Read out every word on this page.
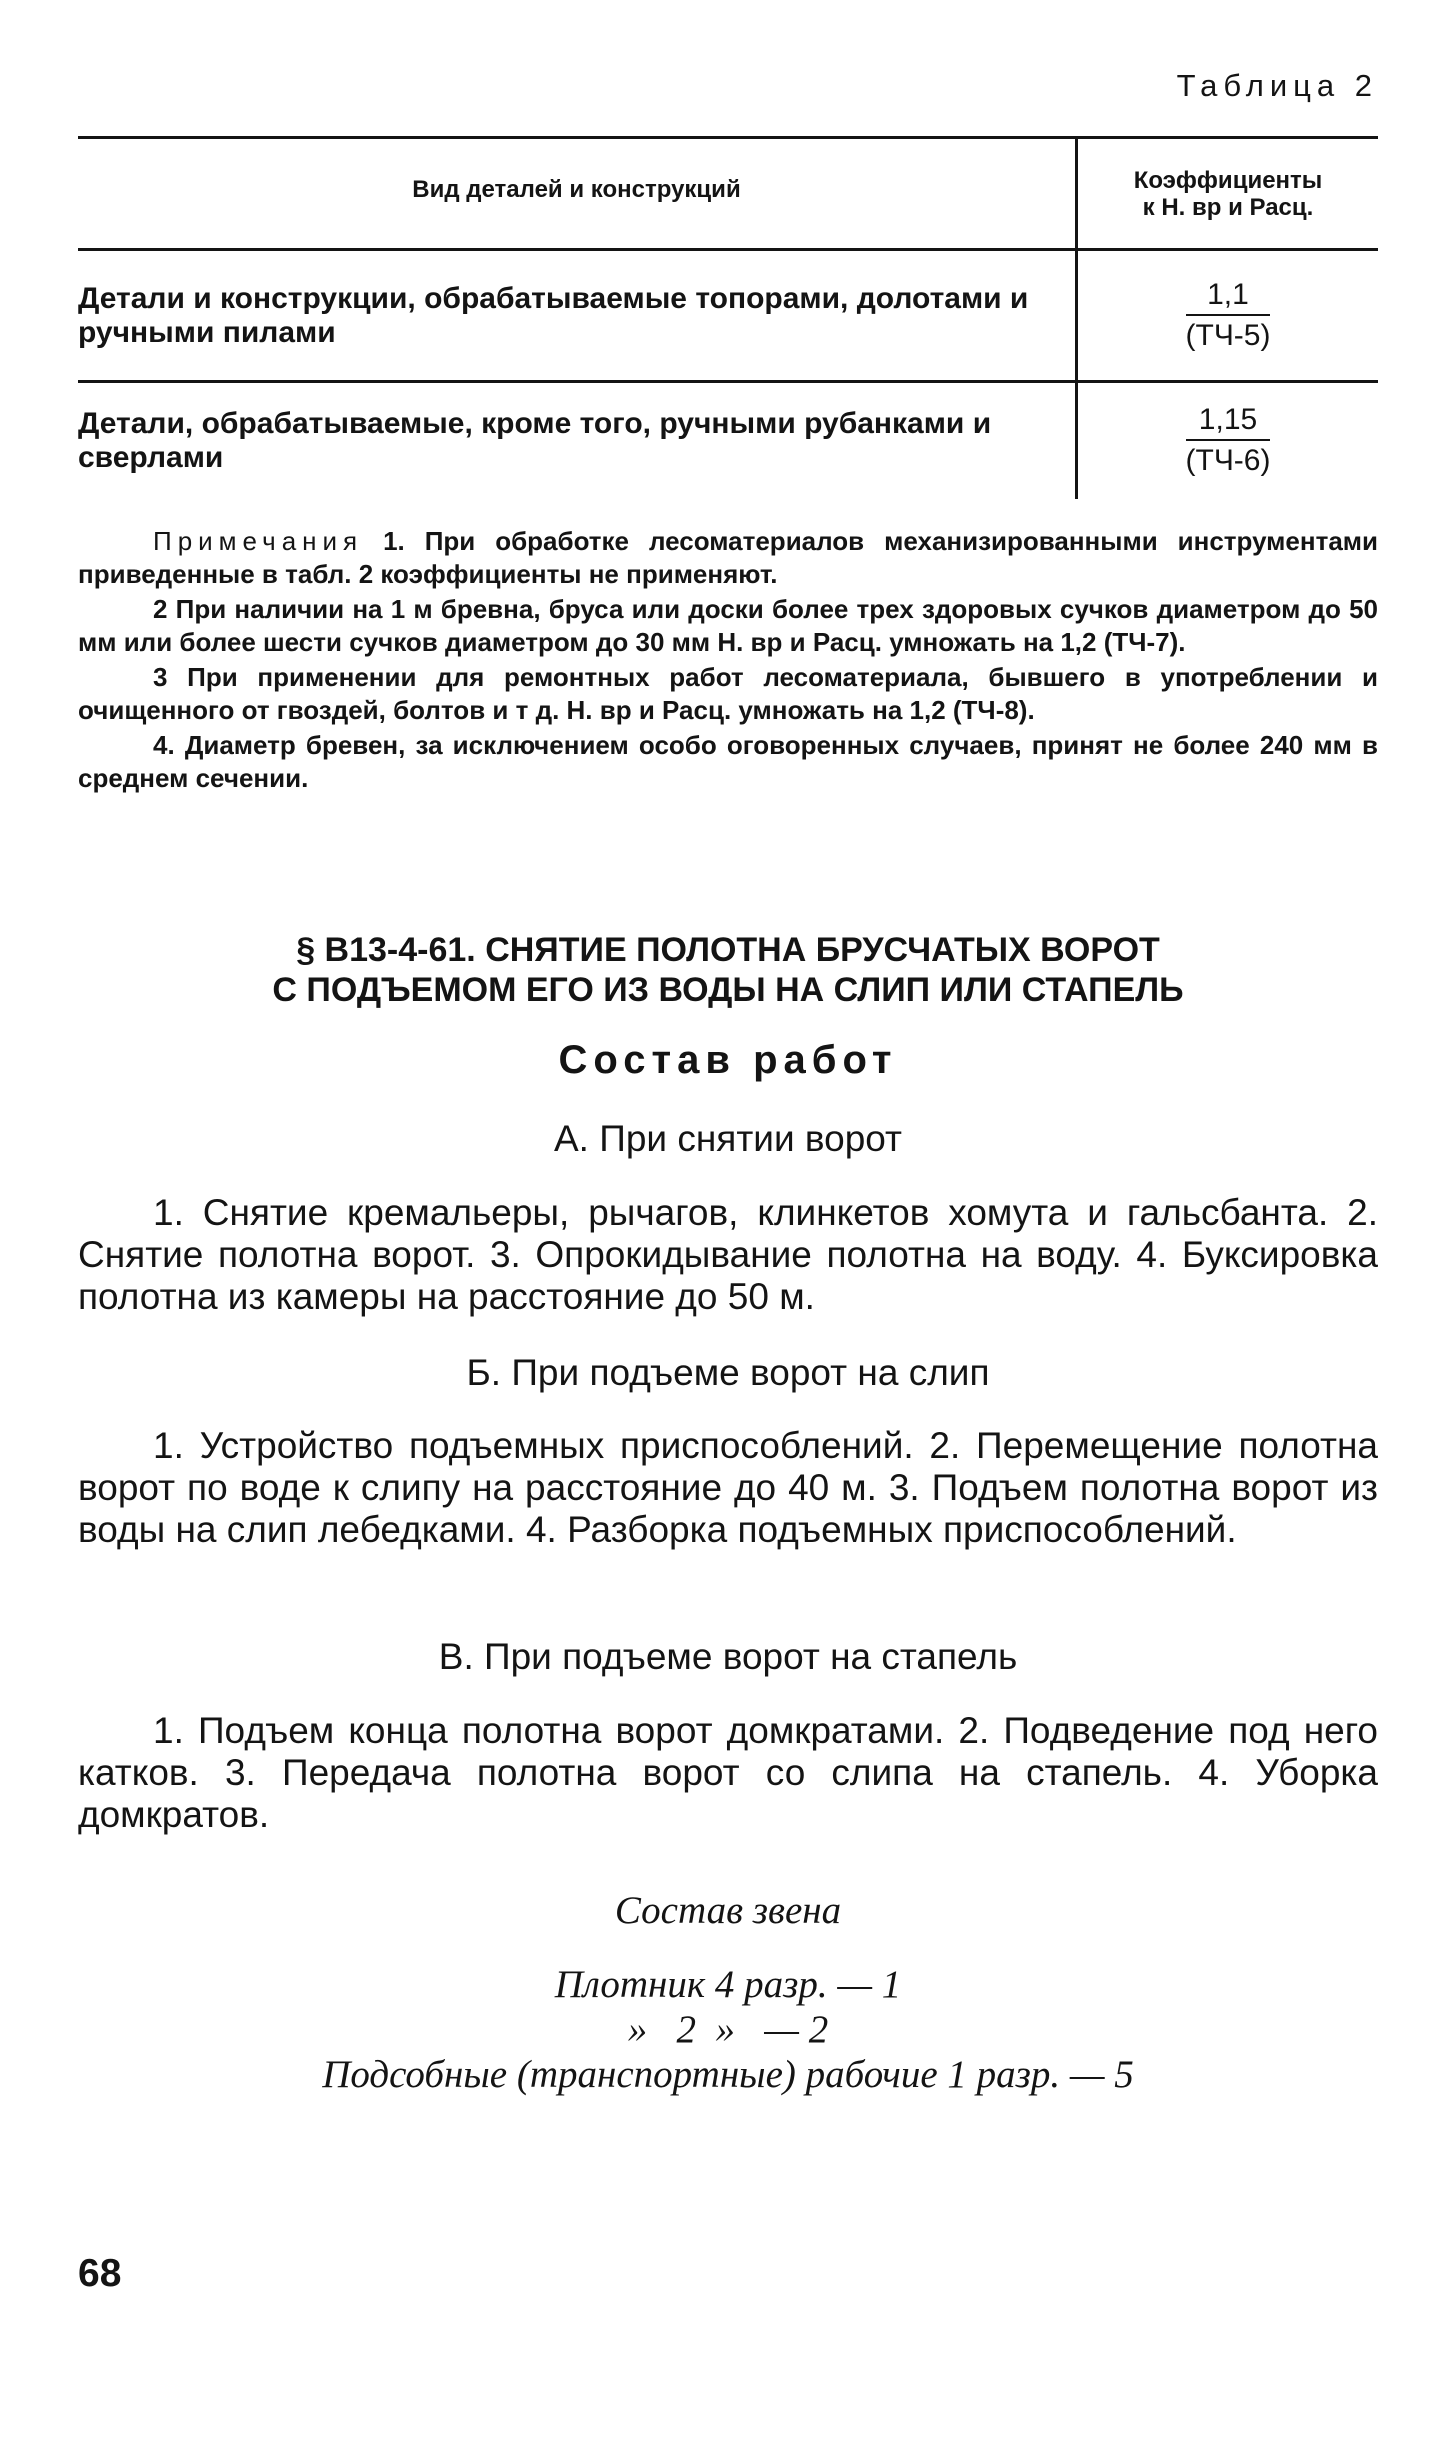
Таблица 2
Вид деталей и конструкций	Коэффициенты
к Н. вр и Расц.

Детали и конструкции, обрабатываемые топорами, долотами и ручными пилами	$\frac{1,1}{(ТЧ-5)}$

Детали, обрабатываемые, кроме того, ручными рубанками и сверлами	$\frac{1,15}{(ТЧ-6)}$

Примечания 1. При обработке лесоматериалов механизированными инструментами приведенные в табл. 2 коэффициенты не применяют.

2 При наличии на 1 м бревна, бруса или доски более трех здоровых сучков диаметром до 50 мм или более шести сучков диаметром до 30 мм Н. вр и Расц. умножать на 1,2 (ТЧ-7).

3 При применении для ремонтных работ лесоматериала, бывшего в употреблении и очищенного от гвоздей, болтов и т д. Н. вр и Расц. умножать на 1,2 (ТЧ-8).

4. Диаметр бревен, за исключением особо оговоренных случаев, принят не более 240 мм в среднем сечении.

§ В13-4-61. СНЯТИЕ ПОЛОТНА БРУСЧАТЫХ ВОРОТ
С ПОДЪЕМОМ ЕГО ИЗ ВОДЫ НА СЛИП ИЛИ СТАПЕЛЬ
Состав работ
А. При снятии ворот

1. Снятие кремальеры, рычагов, клинкетов хомута и гальсбанта. 2. Снятие полотна ворот. 3. Опрокидывание полотна на воду. 4. Буксировка полотна из камеры на расстояние до 50 м.

Б. При подъеме ворот на слип

1. Устройство подъемных приспособлений. 2. Перемещение полотна ворот по воде к слипу на расстояние до 40 м. 3. Подъем полотна ворот из воды на слип лебедками. 4. Разборка подъемных приспособлений.

В. При подъеме ворот на стапель

1. Подъем конца полотна ворот домкратами. 2. Подведение под него катков. 3. Передача полотна ворот со слипа на стапель. 4. Уборка домкратов.

Состав звена
Плотник 4 разр. — 1
»   2  »   — 2
Подсобные (транспортные) рабочие 1 разр. — 5
68
